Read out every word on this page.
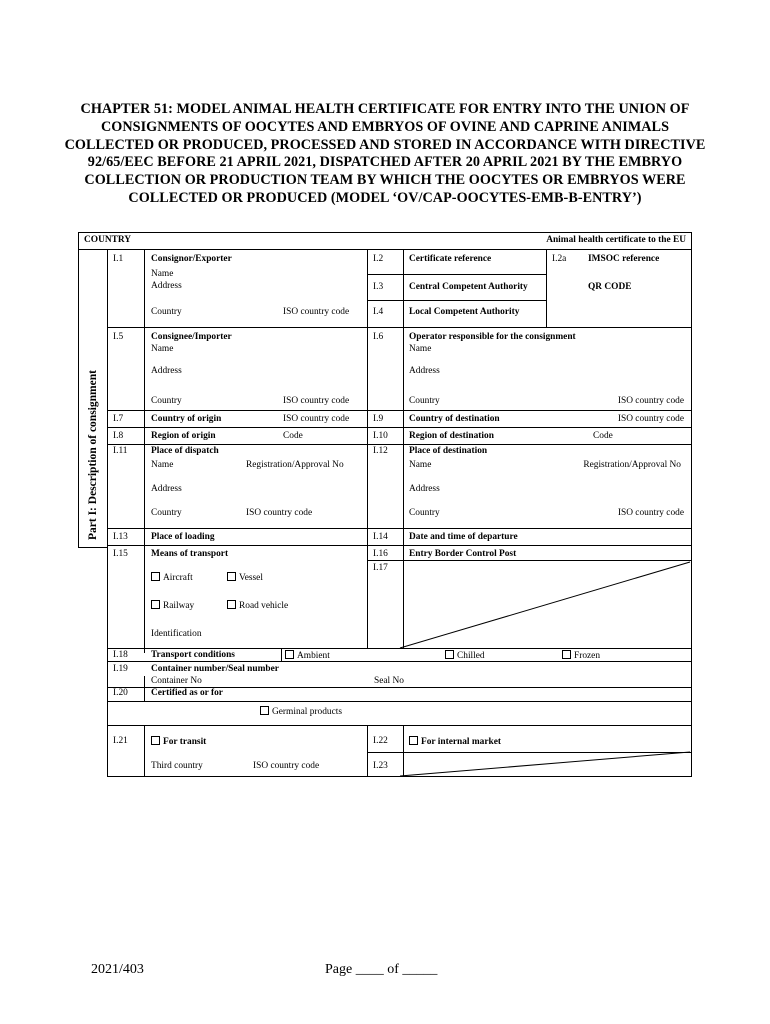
CHAPTER 51: MODEL ANIMAL HEALTH CERTIFICATE FOR ENTRY INTO THE UNION OF CONSIGNMENTS OF OOCYTES AND EMBRYOS OF OVINE AND CAPRINE ANIMALS COLLECTED OR PRODUCED, PROCESSED AND STORED IN ACCORDANCE WITH DIRECTIVE 92/65/EEC BEFORE 21 APRIL 2021, DISPATCHED AFTER 20 APRIL 2021 BY THE EMBRYO COLLECTION OR PRODUCTION TEAM BY WHICH THE OOCYTES OR EMBRYOS WERE COLLECTED OR PRODUCED (MODEL ‘OV/CAP-OOCYTES-EMB-B-ENTRY’)
COUNTRY	Animal health certificate to the EU
Part I: Description of consignment
I.1	Consignor/Exporter
Name
Address
Country	ISO country code
I.2	Certificate reference	I.2a IMSOC reference
I.3	Central Competent Authority	QR CODE
I.4	Local Competent Authority
I.5	Consignee/Importer
Name
Address
Country	ISO country code
I.6	Operator responsible for the consignment
Name
Address
Country	ISO country code
I.7	Country of origin	ISO country code	I.9	Country of destination	ISO country code
I.8	Region of origin	Code	I.10 Region of destination	Code
I.11	Place of dispatch
Name	Registration/Approval No
Address
Country	ISO country code
I.12 Place of destination
Name	Registration/Approval No
Address
Country	ISO country code
I.13 Place of loading	I.14 Date and time of departure
I.15 Means of transport
Aircraft	Vessel
Railway	Road vehicle
Identification
I.16 Entry Border Control Post
I.17
I.18 Transport conditions	Ambient	Chilled	Frozen
I.19 Container number/Seal number
Container No	Seal No
I.20 Certified as or for
Germinal products
I.21	For transit
Third country	ISO country code
I.22	For internal market
I.23
2021/403	Page ____ of _____
